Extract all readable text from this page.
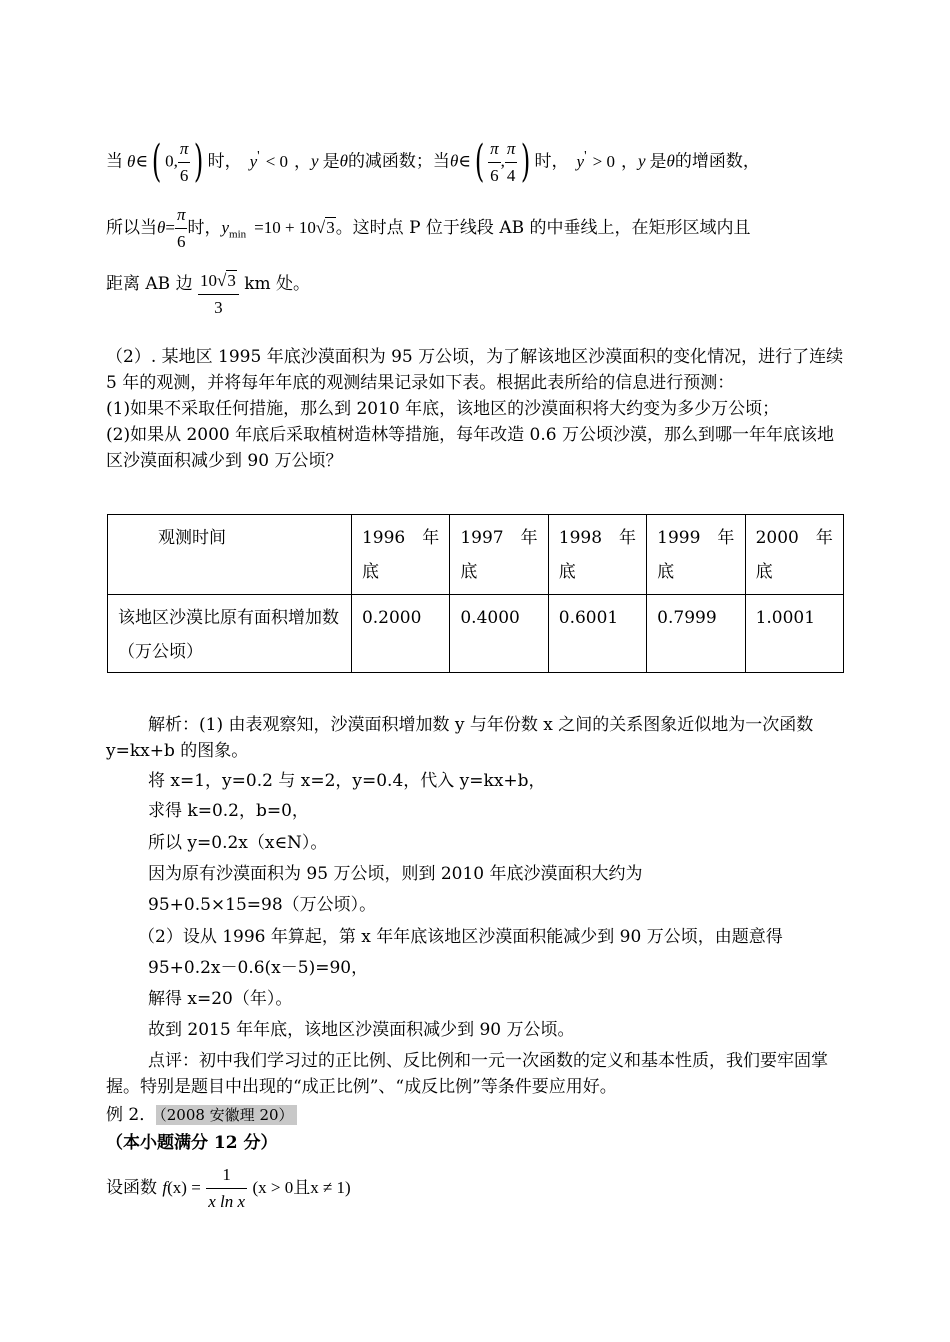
当 θ∈( 0, $\frac{\pi}{6}$ ) 时， y' < 0 ，y 是θ的减函数；当θ∈( $\frac{\pi}{6}$ , $\frac{\pi}{4}$ ) 时， y' > 0 ，y 是θ的增函数，
所以当$\theta= \frac{\pi}{6}$ 时，$y_{min} =10 + 10√3$。这时点 P 位于线段 AB 的中垂线上，在矩形区域内且
距离 AB 边 $\frac{10√3}{3}$ km 处。
（2）. 某地区 1995 年底沙漠面积为 95 万公顷，为了解该地区沙漠面积的变化情况，进行了连续 5 年的观测，并将每年年底的观测结果记录如下表。根据此表所给的信息进行预测：
(1)如果不采取任何措施，那么到 2010 年底，该地区的沙漠面积将大约变为多少万公顷；
(2)如果从 2000 年底后采取植树造林等措施，每年改造 0.6 万公顷沙漠，那么到哪一年年底该地区沙漠面积减少到 90 万公顷？
观测时间	1996　年底	1997　年底	1998　年底	1999　年底	2000　年底
该地区沙漠比原有面积增加数（万公顷）	0.2000	0.4000	0.6001	0.7999	1.0001
解析：(1) 由表观察知，沙漠面积增加数 y 与年份数 x 之间的关系图象近似地为一次函数 y=kx+b 的图象。
将 x=1，y=0.2 与 x=2，y=0.4，代入 y=kx+b，
求得 k=0.2，b=0，
所以 y=0.2x（x∈N）。
因为原有沙漠面积为 95 万公顷，则到 2010 年底沙漠面积大约为
95+0.5×15=98（万公顷）。
（2）设从 1996 年算起，第 x 年年底该地区沙漠面积能减少到 90 万公顷，由题意得
95+0.2x－0.6(x－5)=90，
解得 x=20（年）。
故到 2015 年年底，该地区沙漠面积减少到 90 万公顷。
点评：初中我们学习过的正比例、反比例和一元一次函数的定义和基本性质，我们要牢固掌握。特别是题目中出现的“成正比例”、“成反比例”等条件要应用好。
例 2． （2008 安徽理 20）
（本小题满分 12 分）
设函数 $f(x) = \frac{1}{\text{x ln x}} (x > 0$且x ≠ 1)
